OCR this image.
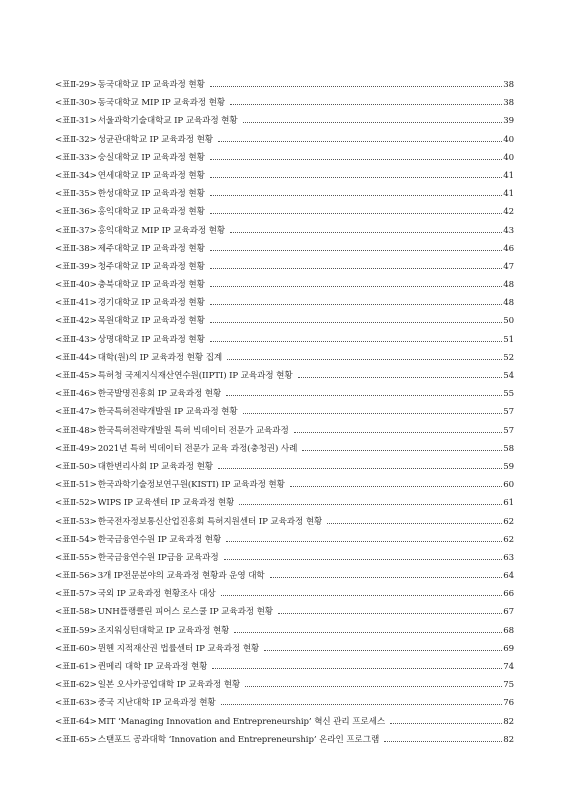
<표Ⅱ-29> 동국대학교 IP 교육과정 현황	38
<표Ⅱ-30> 동국대학교 MIP IP 교육과정 현황	38
<표Ⅱ-31> 서울과학기술대학교 IP 교육과정 현황	39
<표Ⅱ-32> 성균관대학교 IP 교육과정 현황	40
<표Ⅱ-33> 숭실대학교 IP 교육과정 현황	40
<표Ⅱ-34> 연세대학교 IP 교육과정 현황	41
<표Ⅱ-35> 한성대학교 IP 교육과정 현황	41
<표Ⅱ-36> 홍익대학교 IP 교육과정 현황	42
<표Ⅱ-37> 홍익대학교 MIP IP 교육과정 현황	43
<표Ⅱ-38> 제주대학교 IP 교육과정 현황	46
<표Ⅱ-39> 청주대학교 IP 교육과정 현황	47
<표Ⅱ-40> 충북대학교 IP 교육과정 현황	48
<표Ⅱ-41> 경기대학교 IP 교육과정 현황	48
<표Ⅱ-42> 목원대학교 IP 교육과정 현황	50
<표Ⅱ-43> 상명대학교 IP 교육과정 현황	51
<표Ⅱ-44> 대학(원)의 IP 교육과정 현황 집계	52
<표Ⅱ-45> 특허청 국제지식재산연수원(IIPTI) IP 교육과정 현황	54
<표Ⅱ-46> 한국발명진흥회 IP 교육과정 현황	55
<표Ⅱ-47> 한국특허전략개발원 IP 교육과정 현황	57
<표Ⅱ-48> 한국특허전략개발원 특허 빅데이터 전문가 교육과정	57
<표Ⅱ-49> 2021년 특허 빅데이터 전문가 교육 과정(충청권) 사례	58
<표Ⅱ-50> 대한변리사회 IP 교육과정 현황	59
<표Ⅱ-51> 한국과학기술정보연구원(KISTI) IP 교육과정 현황	60
<표Ⅱ-52> WIPS IP 교육센터 IP 교육과정 현황	61
<표Ⅱ-53> 한국전자정보통신산업진흥회 특허지원센터 IP 교육과정 현황	62
<표Ⅱ-54> 한국금융연수원 IP 교육과정 현황	62
<표Ⅱ-55> 한국금융연수원 IP금융 교육과정	63
<표Ⅱ-56> 3개 IP전문분야의 교육과정 현황과 운영 대학	64
<표Ⅱ-57> 국외 IP 교육과정 현황조사 대상	66
<표Ⅱ-58> UNH플랭클린 피어스 로스쿨 IP 교육과정 현황	67
<표Ⅱ-59> 조지워싱턴대학교 IP 교육과정 현황	68
<표Ⅱ-60> 뮌헨 지적재산권 법률센터 IP 교육과정 현황	69
<표Ⅱ-61> 퀸메리 대학 IP 교육과정 현황	74
<표Ⅱ-62> 일본 오사카공업대학 IP 교육과정 현황	75
<표Ⅱ-63> 중국 지난대학 IP 교육과정 현황	76
<표Ⅱ-64> MIT ‘Managing Innovation and Entrepreneurship’ 혁신 관리 프로세스	82
<표Ⅱ-65> 스탠포드 공과대학 ‘Innovation and Entrepreneurship’ 온라인 프로그램	82
